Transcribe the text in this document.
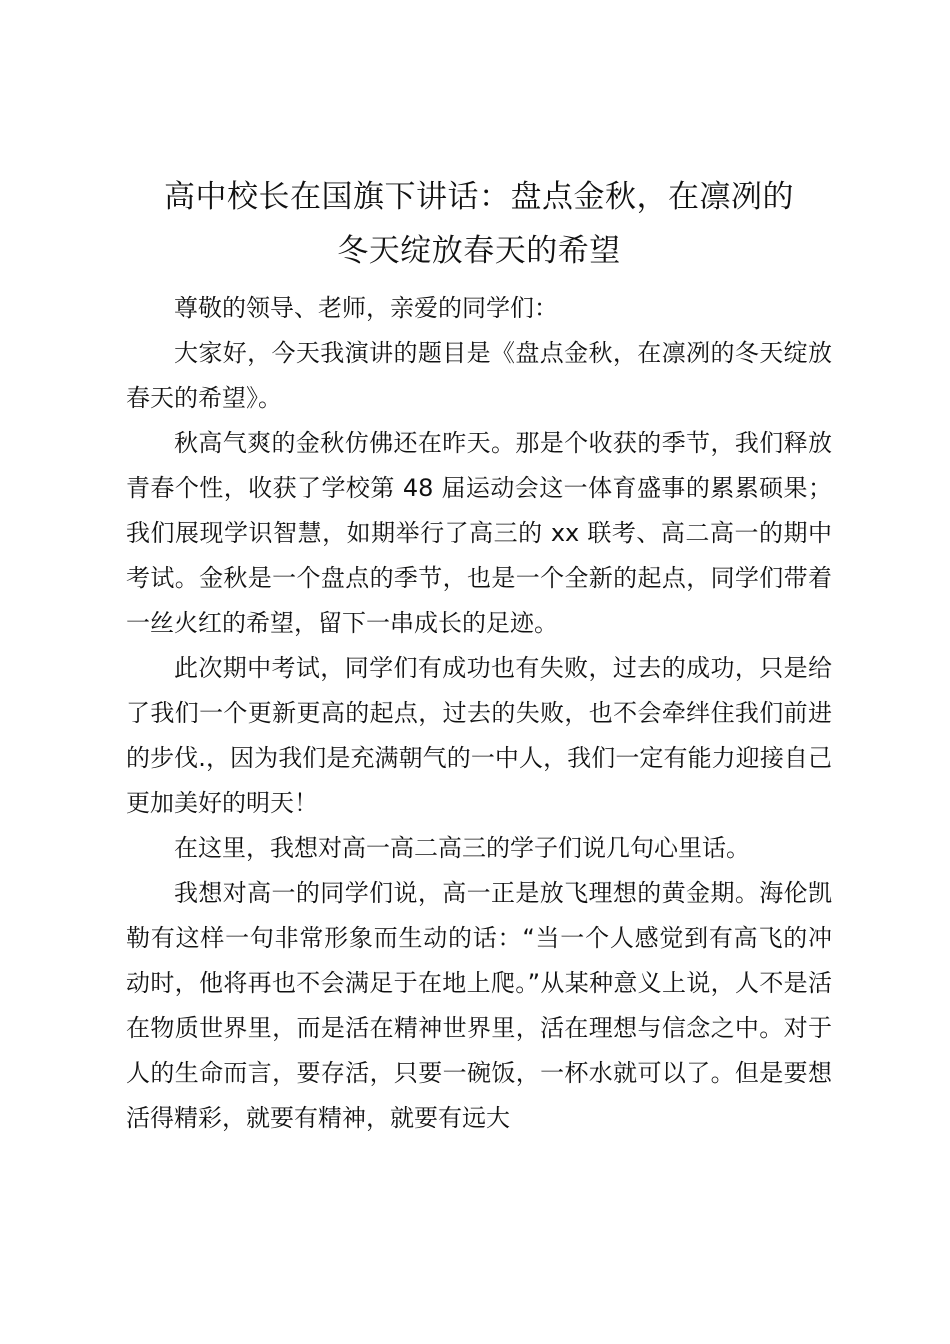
高中校长在国旗下讲话：盘点金秋，在凛冽的
冬天绽放春天的希望

尊敬的领导、老师，亲爱的同学们：

大家好，今天我演讲的题目是《盘点金秋，在凛冽的冬天绽放春天的希望》。

秋高气爽的金秋仿佛还在昨天。那是个收获的季节，我们释放青春个性，收获了学校第 48 届运动会这一体育盛事的累累硕果；我们展现学识智慧，如期举行了高三的 xx 联考、高二高一的期中考试。金秋是一个盘点的季节，也是一个全新的起点，同学们带着一丝火红的希望，留下一串成长的足迹。

此次期中考试，同学们有成功也有失败，过去的成功，只是给了我们一个更新更高的起点，过去的失败，也不会牵绊住我们前进的步伐.，因为我们是充满朝气的一中人，我们一定有能力迎接自己更加美好的明天！

在这里，我想对高一高二高三的学子们说几句心里话。

我想对高一的同学们说，高一正是放飞理想的黄金期。海伦凯勒有这样一句非常形象而生动的话：“当一个人感觉到有高飞的冲动时，他将再也不会满足于在地上爬。”从某种意义上说，人不是活在物质世界里，而是活在精神世界里，活在理想与信念之中。对于人的生命而言，要存活，只要一碗饭，一杯水就可以了。但是要想活得精彩，就要有精神，就要有远大
